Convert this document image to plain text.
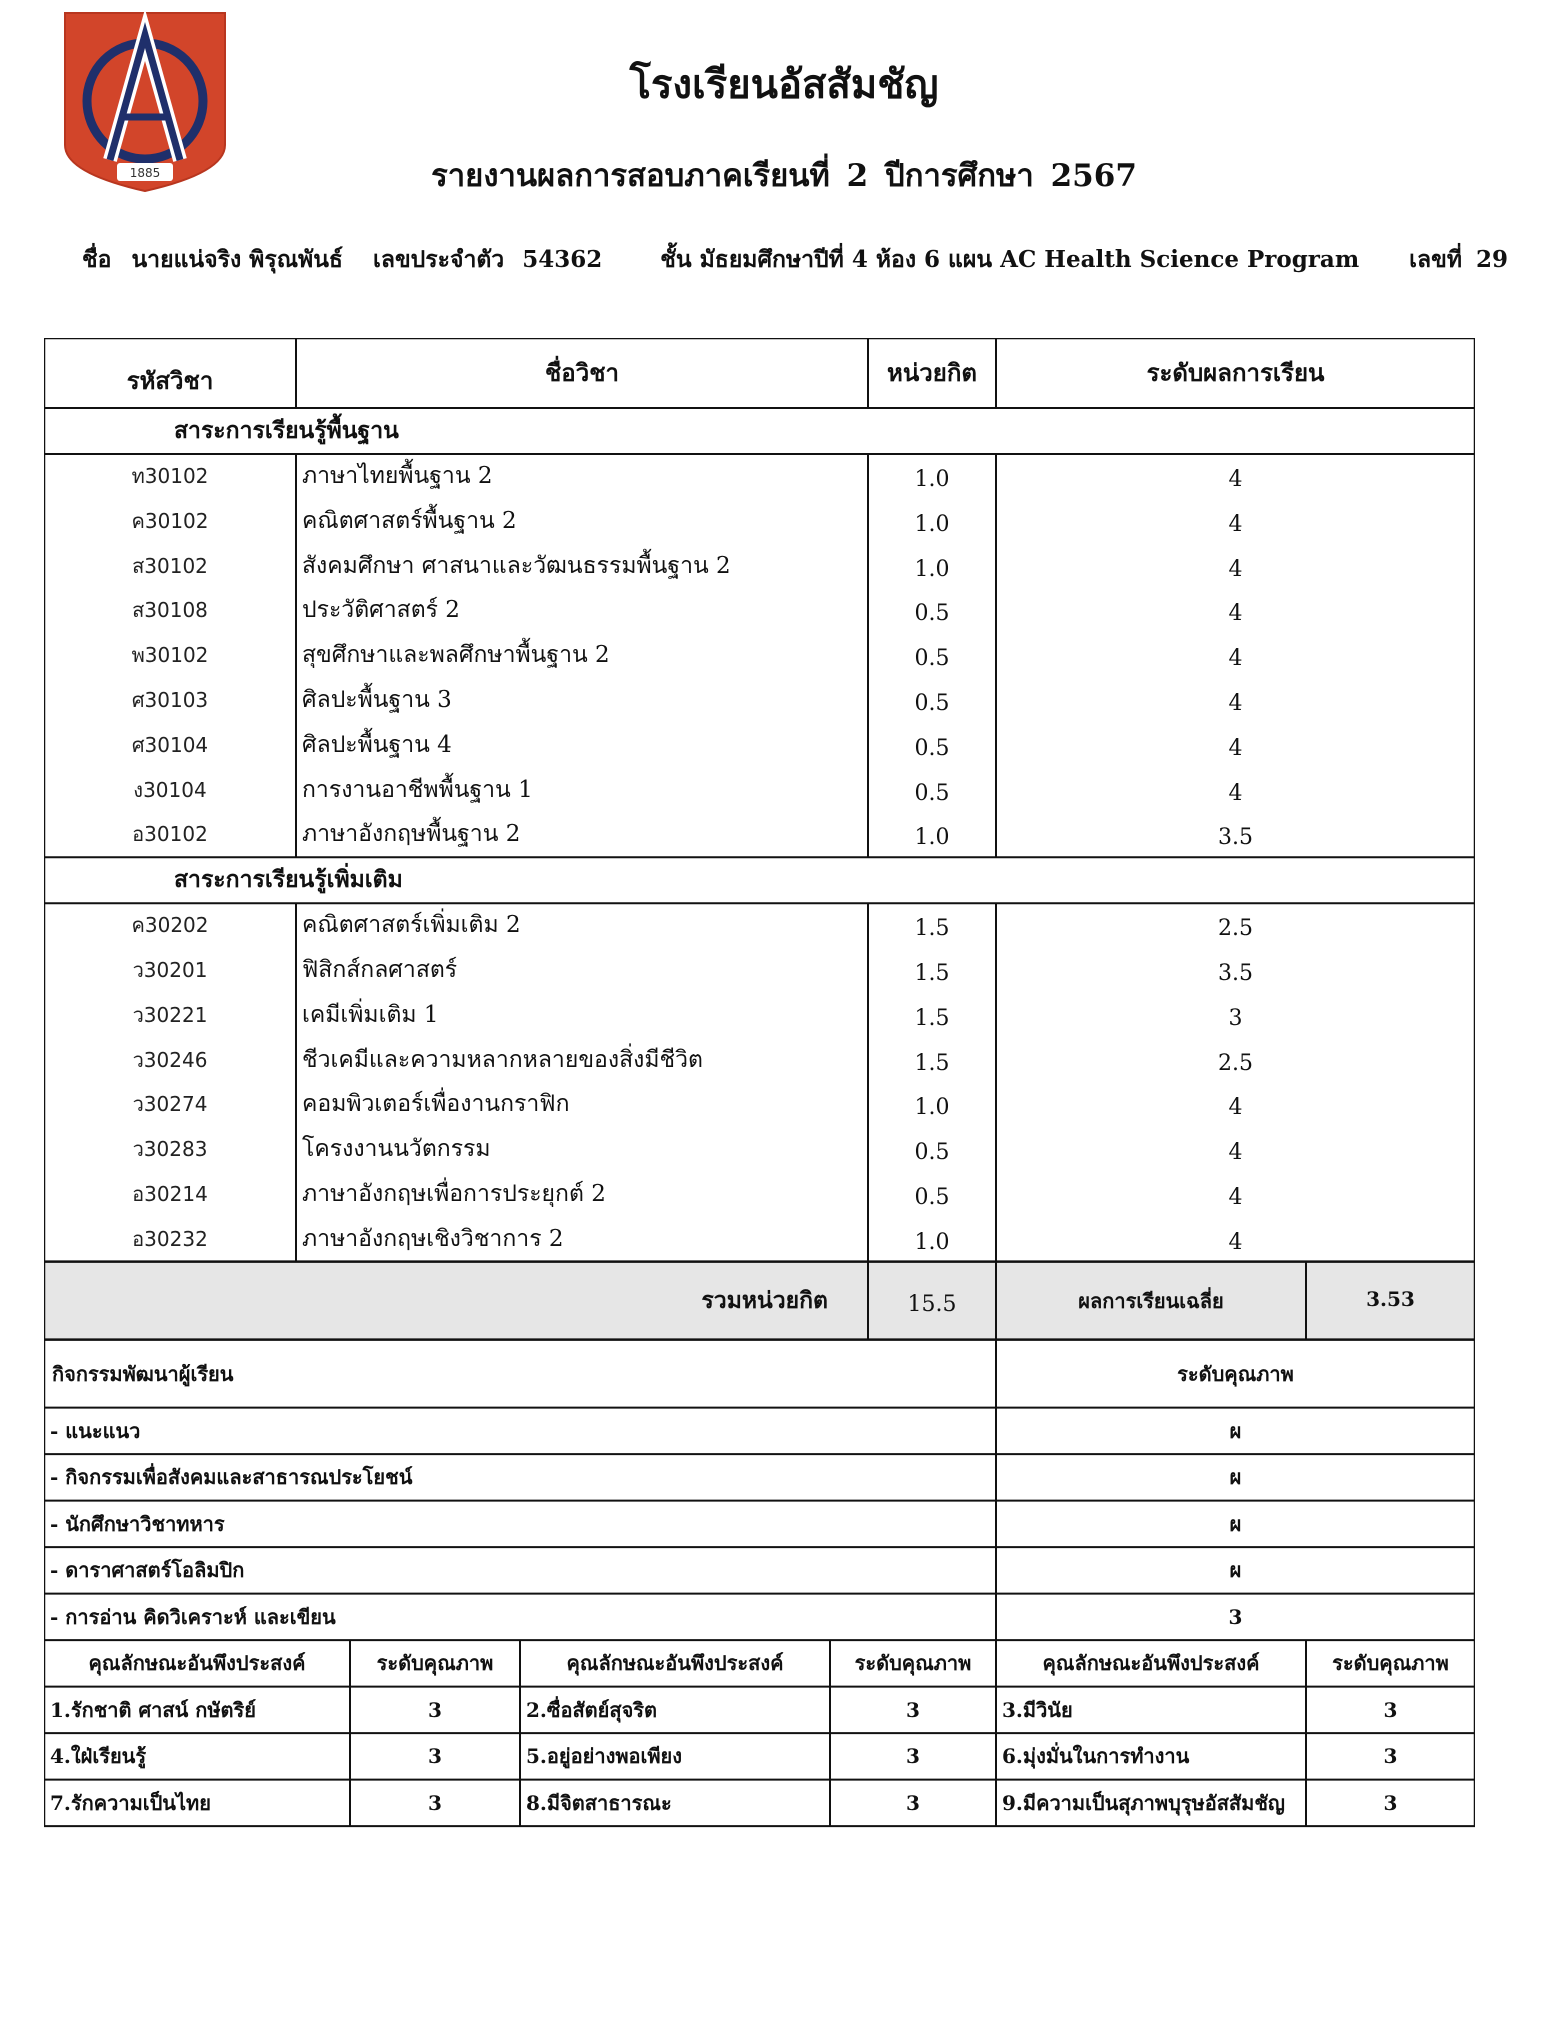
1885
โรงเรียนอัสสัมชัญ
รายงานผลการสอบภาคเรียนที่ 2 ปีการศึกษา 2567
ชื่อ นายแน่จริง พิรุณพันธ์ เลขประจำตัว 54362	ชั้น มัธยมศึกษาปีที่ 4 ห้อง 6 แผน AC Health Science Program เลขที่ 29
รหัสวิชา	ชื่อวิชา	หน่วยกิต	ระดับผลการเรียน
สาระการเรียนรู้พื้นฐาน
ท30102	ภาษาไทยพื้นฐาน 2	1.0	4
ค30102	คณิตศาสตร์พื้นฐาน 2	1.0	4
ส30102	สังคมศึกษา ศาสนาและวัฒนธรรมพื้นฐาน 2	1.0	4
ส30108	ประวัติศาสตร์ 2	0.5	4
พ30102	สุขศึกษาและพลศึกษาพื้นฐาน 2	0.5	4
ศ30103	ศิลปะพื้นฐาน 3	0.5	4
ศ30104	ศิลปะพื้นฐาน 4	0.5	4
ง30104	การงานอาชีพพื้นฐาน 1	0.5	4
อ30102	ภาษาอังกฤษพื้นฐาน 2	1.0	3.5
สาระการเรียนรู้เพิ่มเติม
ค30202	คณิตศาสตร์เพิ่มเติม 2	1.5	2.5
ว30201	ฟิสิกส์กลศาสตร์	1.5	3.5
ว30221	เคมีเพิ่มเติม 1	1.5	3
ว30246	ชีวเคมีและความหลากหลายของสิ่งมีชีวิต	1.5	2.5
ว30274	คอมพิวเตอร์เพื่องานกราฟิก	1.0	4
ว30283	โครงงานนวัตกรรม	0.5	4
อ30214	ภาษาอังกฤษเพื่อการประยุกต์ 2	0.5	4
อ30232	ภาษาอังกฤษเชิงวิชาการ 2	1.0	4
รวมหน่วยกิต	15.5	ผลการเรียนเฉลี่ย	3.53
กิจกรรมพัฒนาผู้เรียน	ระดับคุณภาพ
- แนะแนว	ผ
- กิจกรรมเพื่อสังคมและสาธารณประโยชน์	ผ
- นักศึกษาวิชาทหาร	ผ
- ดาราศาสตร์โอลิมปิก	ผ
- การอ่าน คิดวิเคราะห์ และเขียน	3
คุณลักษณะอันพึงประสงค์	ระดับคุณภาพ	คุณลักษณะอันพึงประสงค์	ระดับคุณภาพ	คุณลักษณะอันพึงประสงค์	ระดับคุณภาพ
1.รักชาติ ศาสน์ กษัตริย์	3	2.ซื่อสัตย์สุจริต	3	3.มีวินัย	3
4.ใฝ่เรียนรู้	3	5.อยู่อย่างพอเพียง	3	6.มุ่งมั่นในการทำงาน	3
7.รักความเป็นไทย	3	8.มีจิตสาธารณะ	3	9.มีความเป็นสุภาพบุรุษอัสสัมชัญ	3
